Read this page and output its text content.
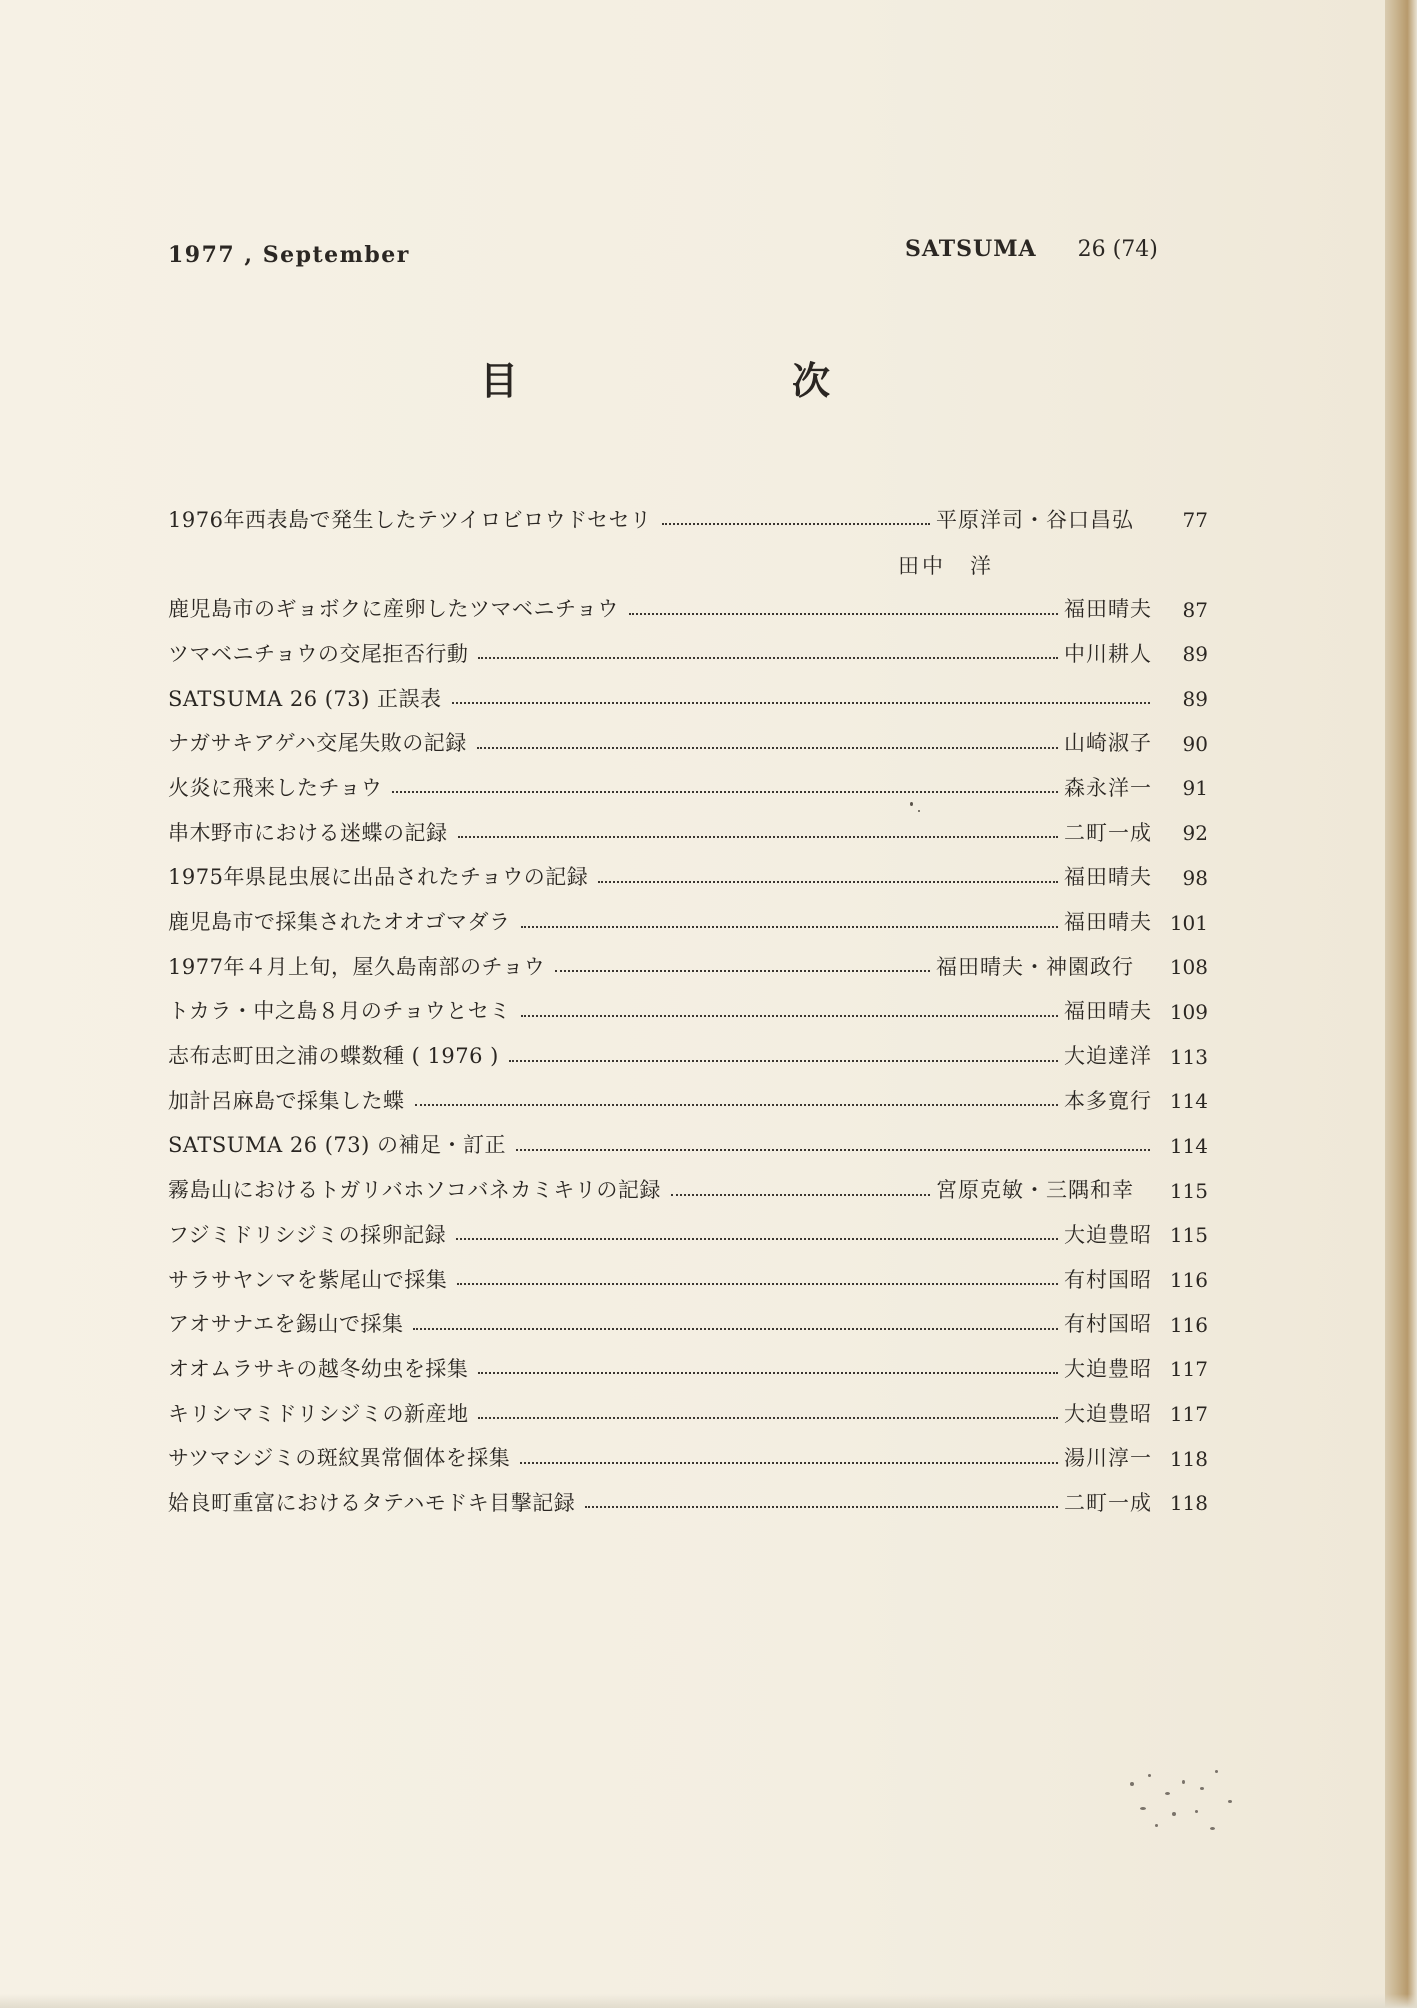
1977 , September	SATSUMA 26 (74)
目	次
1976年西表島で発生したテツイロビロウドセセリ	平原洋司・谷口昌弘	77
田中　洋
鹿児島市のギョボクに産卵したツマベニチョウ	福田晴夫	87
ツマベニチョウの交尾拒否行動	中川耕人	89
SATSUMA 26 (73) 正誤表	89
ナガサキアゲハ交尾失敗の記録	山崎淑子	90
火炎に飛来したチョウ	森永洋一	91
串木野市における迷蝶の記録	二町一成	92
1975年県昆虫展に出品されたチョウの記録	福田晴夫	98
鹿児島市で採集されたオオゴマダラ	福田晴夫 101
1977年４月上旬，屋久島南部のチョウ	福田晴夫・神園政行	108
トカラ・中之島８月のチョウとセミ	福田晴夫 109
志布志町田之浦の蝶数種 ( 1976 )	大迫達洋 113
加計呂麻島で採集した蝶	本多寛行 114
SATSUMA 26 (73) の補足・訂正	114
霧島山におけるトガリバホソコバネカミキリの記録	宮原克敏・三隅和幸	115
フジミドリシジミの採卵記録	大迫豊昭 115
サラサヤンマを紫尾山で採集	有村国昭 116
アオサナエを錫山で採集	有村国昭 116
オオムラサキの越冬幼虫を採集	大迫豊昭 117
キリシマミドリシジミの新産地	大迫豊昭 117
サツマシジミの斑紋異常個体を採集	湯川淳一 118
姶良町重富におけるタテハモドキ目撃記録	二町一成 118
